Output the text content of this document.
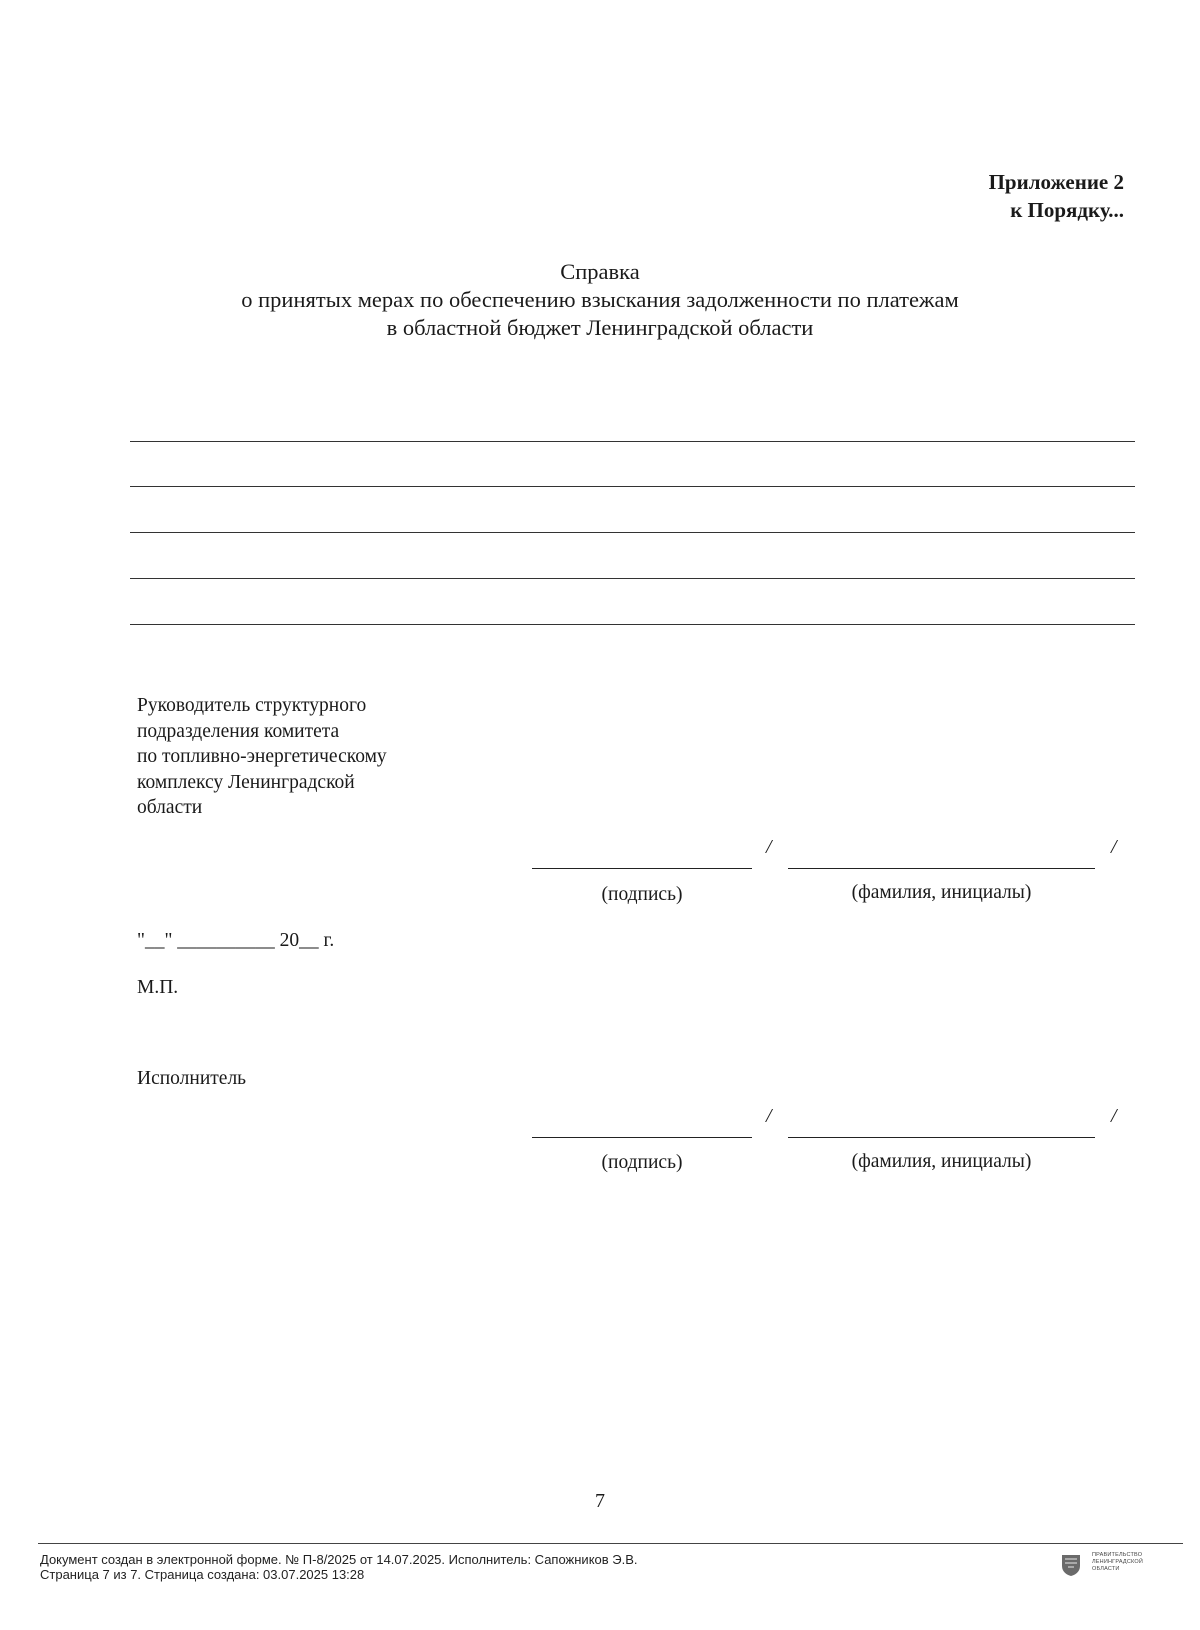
Приложение 2
к Порядку...
Справка
о принятых мерах по обеспечению взыскания задолженности по платежам
в областной бюджет Ленинградской области
Руководитель структурного
подразделения комитета
по топливно-энергетическому
комплексу Ленинградской
области
/	/
(подпись)	(фамилия, инициалы)
"__" __________ 20__ г.
М.П.
Исполнитель
/	/
(подпись)	(фамилия, инициалы)
7
Документ создан в электронной форме. № П-8/2025 от 14.07.2025. Исполнитель: Сапожников Э.В.
Страница 7 из 7. Страница создана: 03.07.2025 13:28
ПРАВИТЕЛЬСТВО
ЛЕНИНГРАДСКОЙ
ОБЛАСТИ
